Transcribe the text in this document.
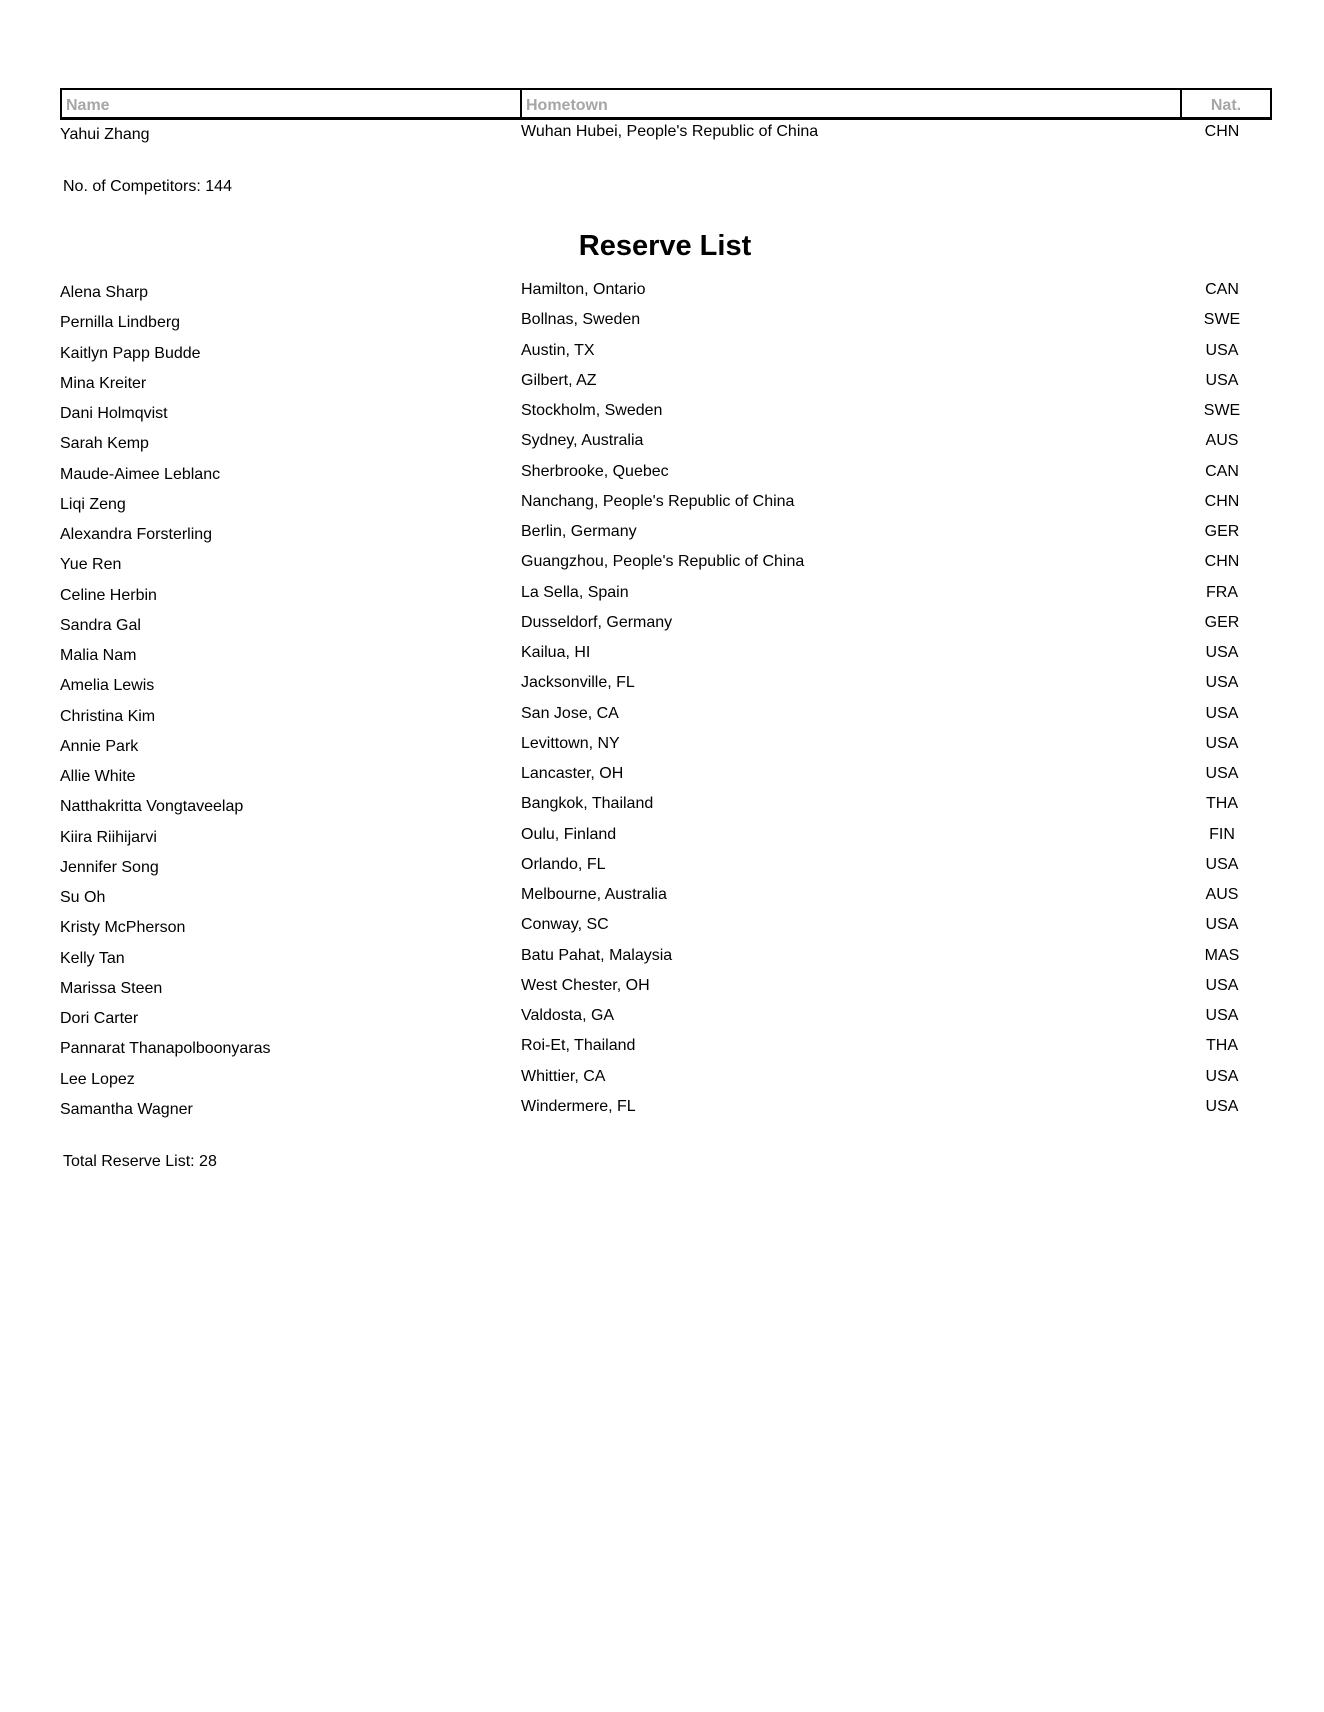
Name	Hometown	Nat.
Yahui Zhang	Wuhan Hubei, People's Republic of China	CHN
No. of Competitors: 144
Reserve List
Alena Sharp	Hamilton, Ontario	CAN
Pernilla Lindberg	Bollnas, Sweden	SWE
Kaitlyn Papp Budde	Austin, TX	USA
Mina Kreiter	Gilbert, AZ	USA
Dani Holmqvist	Stockholm, Sweden	SWE
Sarah Kemp	Sydney, Australia	AUS
Maude-Aimee Leblanc	Sherbrooke, Quebec	CAN
Liqi Zeng	Nanchang, People's Republic of China	CHN
Alexandra Forsterling	Berlin, Germany	GER
Yue Ren	Guangzhou, People's Republic of China	CHN
Celine Herbin	La Sella, Spain	FRA
Sandra Gal	Dusseldorf, Germany	GER
Malia Nam	Kailua, HI	USA
Amelia Lewis	Jacksonville, FL	USA
Christina Kim	San Jose, CA	USA
Annie Park	Levittown, NY	USA
Allie White	Lancaster, OH	USA
Natthakritta Vongtaveelap	Bangkok, Thailand	THA
Kiira Riihijarvi	Oulu, Finland	FIN
Jennifer Song	Orlando, FL	USA
Su Oh	Melbourne, Australia	AUS
Kristy McPherson	Conway, SC	USA
Kelly Tan	Batu Pahat, Malaysia	MAS
Marissa Steen	West Chester, OH	USA
Dori Carter	Valdosta, GA	USA
Pannarat Thanapolboonyaras	Roi-Et, Thailand	THA
Lee Lopez	Whittier, CA	USA
Samantha Wagner	Windermere, FL	USA
Total Reserve List: 28
